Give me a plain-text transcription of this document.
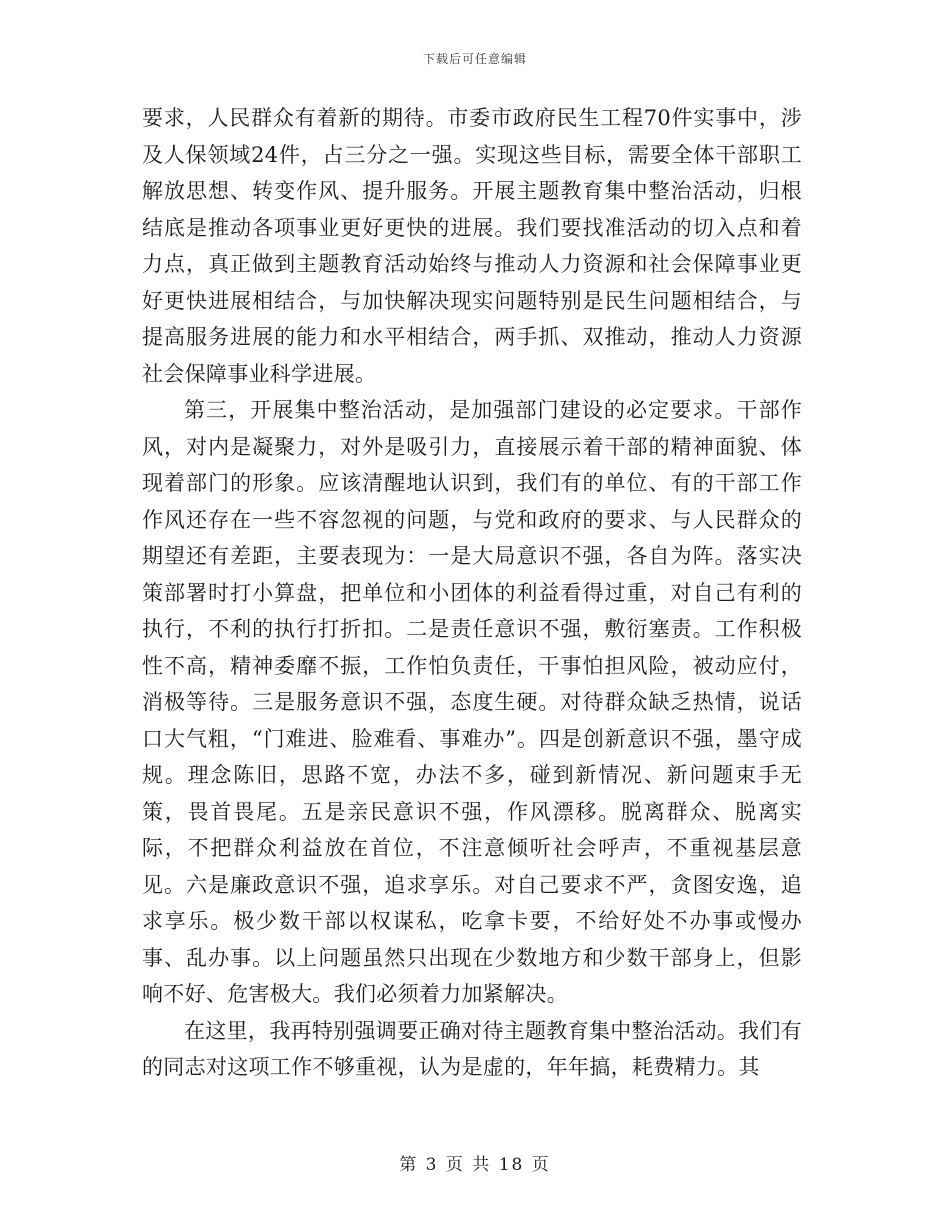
下载后可任意编辑

要求，人民群众有着新的期待。市委市政府民生工程70件实事中，涉及人保领域24件，占三分之一强。实现这些目标，需要全体干部职工解放思想、转变作风、提升服务。开展主题教育集中整治活动，归根结底是推动各项事业更好更快的进展。我们要找准活动的切入点和着力点，真正做到主题教育活动始终与推动人力资源和社会保障事业更好更快进展相结合，与加快解决现实问题特别是民生问题相结合，与提高服务进展的能力和水平相结合，两手抓、双推动，推动人力资源社会保障事业科学进展。

第三，开展集中整治活动，是加强部门建设的必定要求。干部作风，对内是凝聚力，对外是吸引力，直接展示着干部的精神面貌、体现着部门的形象。应该清醒地认识到，我们有的单位、有的干部工作作风还存在一些不容忽视的问题，与党和政府的要求、与人民群众的期望还有差距，主要表现为：一是大局意识不强，各自为阵。落实决策部署时打小算盘，把单位和小团体的利益看得过重，对自己有利的执行，不利的执行打折扣。二是责任意识不强，敷衍塞责。工作积极性不高，精神委靡不振，工作怕负责任，干事怕担风险，被动应付，消极等待。三是服务意识不强，态度生硬。对待群众缺乏热情，说话口大气粗，“门难进、脸难看、事难办”。四是创新意识不强，墨守成规。理念陈旧，思路不宽，办法不多，碰到新情况、新问题束手无策，畏首畏尾。五是亲民意识不强，作风漂移。脱离群众、脱离实际，不把群众利益放在首位，不注意倾听社会呼声，不重视基层意见。六是廉政意识不强，追求享乐。对自己要求不严，贪图安逸，追求享乐。极少数干部以权谋私，吃拿卡要，不给好处不办事或慢办事、乱办事。以上问题虽然只出现在少数地方和少数干部身上，但影响不好、危害极大。我们必须着力加紧解决。

在这里，我再特别强调要正确对待主题教育集中整治活动。我们有的同志对这项工作不够重视，认为是虚的，年年搞，耗费精力。其

第 3 页 共 18 页
